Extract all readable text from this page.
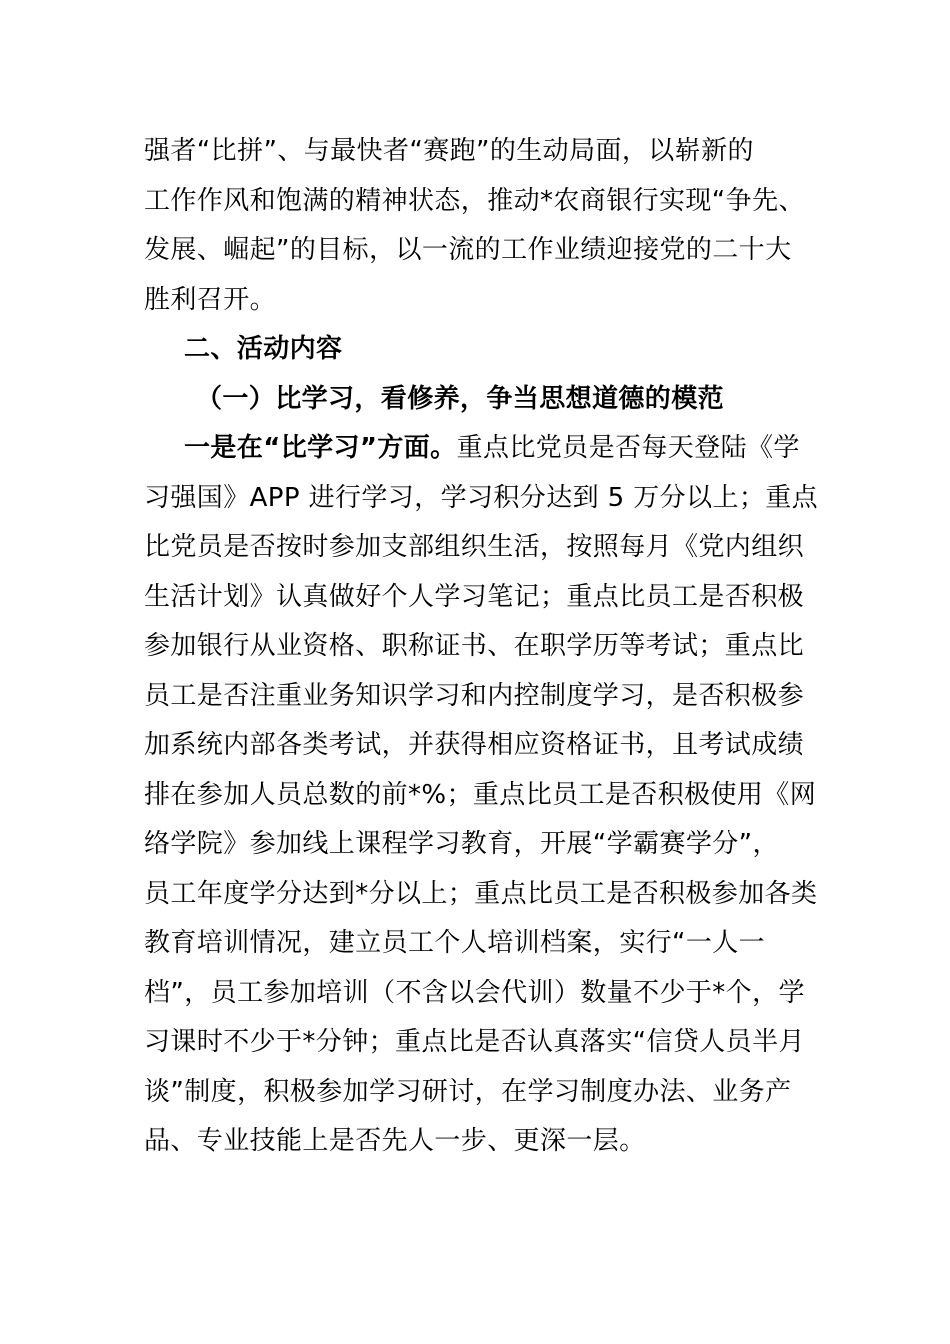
强者“比拼”、与最快者“赛跑”的生动局面，以崭新的
工作作风和饱满的精神状态，推动*农商银行实现“争先、
发展、崛起”的目标，以一流的工作业绩迎接党的二十大
胜利召开。
二、活动内容
（一）比学习，看修养，争当思想道德的模范
一是在“比学习”方面。重点比党员是否每天登陆《学
习强国》APP 进行学习，学习积分达到 5 万分以上；重点
比党员是否按时参加支部组织生活，按照每月《党内组织
生活计划》认真做好个人学习笔记；重点比员工是否积极
参加银行从业资格、职称证书、在职学历等考试；重点比
员工是否注重业务知识学习和内控制度学习，是否积极参
加系统内部各类考试，并获得相应资格证书，且考试成绩
排在参加人员总数的前*%；重点比员工是否积极使用《网
络学院》参加线上课程学习教育，开展“学霸赛学分”，
员工年度学分达到*分以上；重点比员工是否积极参加各类
教育培训情况，建立员工个人培训档案，实行“一人一
档”，员工参加培训（不含以会代训）数量不少于*个，学
习课时不少于*分钟；重点比是否认真落实“信贷人员半月
谈”制度，积极参加学习研讨，在学习制度办法、业务产
品、专业技能上是否先人一步、更深一层。
